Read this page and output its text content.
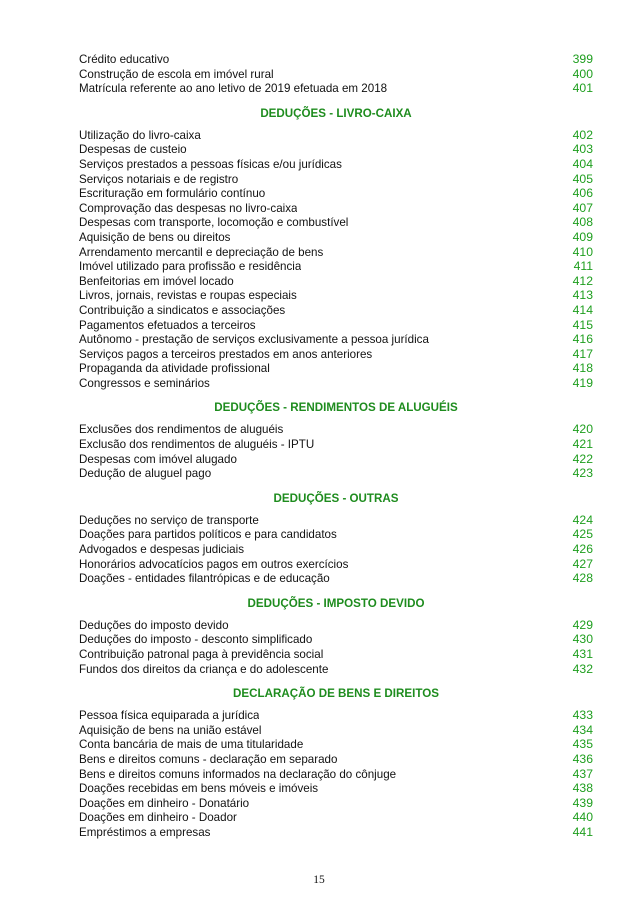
Crédito educativo	399
Construção de escola em imóvel rural	400
Matrícula referente ao ano letivo de 2019 efetuada em 2018	401
DEDUÇÕES - LIVRO-CAIXA
Utilização do livro-caixa	402
Despesas de custeio	403
Serviços prestados a pessoas físicas e/ou jurídicas	404
Serviços notariais e de registro	405
Escrituração em formulário contínuo	406
Comprovação das despesas no livro-caixa	407
Despesas com transporte, locomoção e combustível	408
Aquisição de bens ou direitos	409
Arrendamento mercantil e depreciação de bens	410
Imóvel utilizado para profissão e residência	411
Benfeitorias em imóvel locado	412
Livros, jornais, revistas e roupas especiais	413
Contribuição a sindicatos e associações	414
Pagamentos efetuados a terceiros	415
Autônomo - prestação de serviços exclusivamente a pessoa jurídica	416
Serviços pagos a terceiros prestados em anos anteriores	417
Propaganda da atividade profissional	418
Congressos e seminários	419
DEDUÇÕES - RENDIMENTOS DE ALUGUÉIS
Exclusões dos rendimentos de aluguéis	420
Exclusão dos rendimentos de aluguéis - IPTU	421
Despesas com imóvel alugado	422
Dedução de aluguel pago	423
DEDUÇÕES - OUTRAS
Deduções no serviço de transporte	424
Doações para partidos políticos e para candidatos	425
Advogados e despesas judiciais	426
Honorários advocatícios pagos em outros exercícios	427
Doações - entidades filantrópicas e de educação	428
DEDUÇÕES - IMPOSTO DEVIDO
Deduções do imposto devido	429
Deduções do imposto - desconto simplificado	430
Contribuição patronal paga à previdência social	431
Fundos dos direitos da criança e do adolescente	432
DECLARAÇÃO DE BENS E DIREITOS
Pessoa física equiparada a jurídica	433
Aquisição de bens na união estável	434
Conta bancária de mais de uma titularidade	435
Bens e direitos comuns - declaração em separado	436
Bens e direitos comuns informados na declaração do cônjuge	437
Doações recebidas em bens móveis e imóveis	438
Doações em dinheiro - Donatário	439
Doações em dinheiro - Doador	440
Empréstimos a empresas	441
15
